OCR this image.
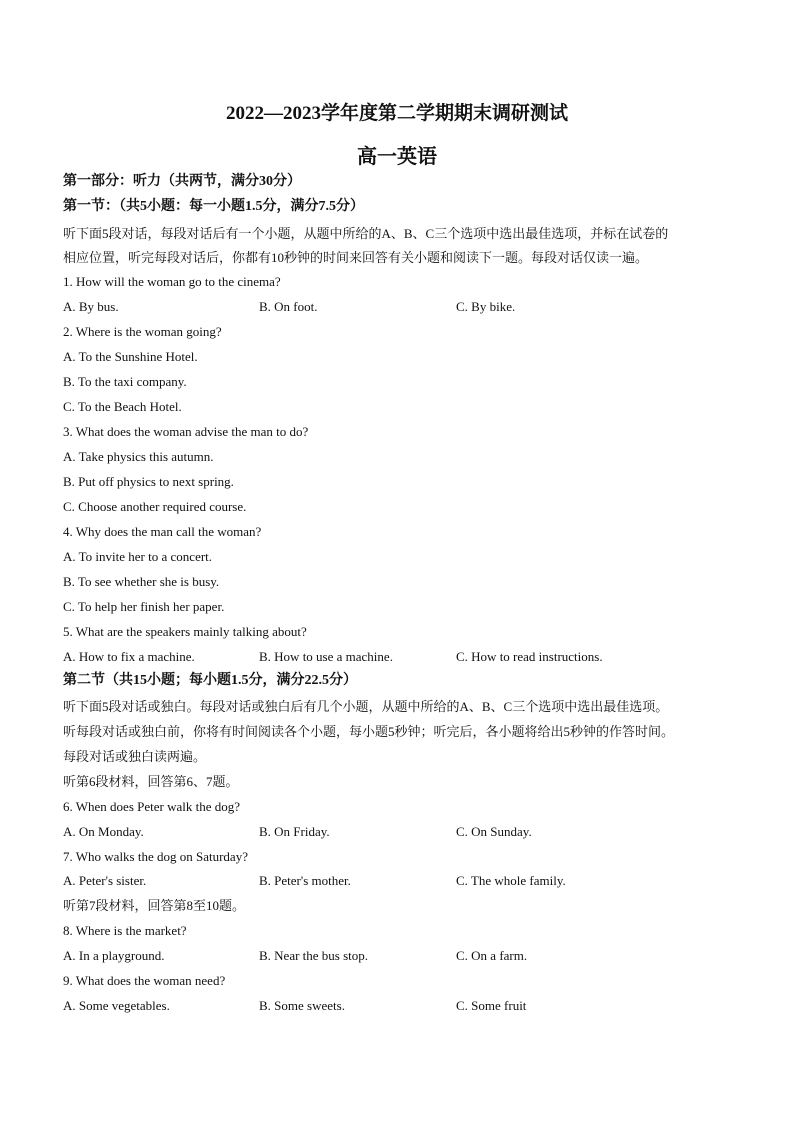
2022—2023学年度第二学期期末调研测试
高一英语
第一部分：听力（共两节，满分30分）
第一节：（共5小题：每一小题1.5分，满分7.5分）
听下面5段对话，每段对话后有一个小题，从题中所给的A、B、C三个选项中选出最佳选项，并标在试卷的
相应位置，听完每段对话后，你都有10秒钟的时间来回答有关小题和阅读下一题。每段对话仅读一遍。
1. How will the woman go to the cinema?
A. By bus.	B. On foot.	C. By bike.
2. Where is the woman going?
A. To the Sunshine Hotel.
B. To the taxi company.
C. To the Beach Hotel.
3. What does the woman advise the man to do?
A. Take physics this autumn.
B. Put off physics to next spring.
C. Choose another required course.
4. Why does the man call the woman?
A. To invite her to a concert.
B. To see whether she is busy.
C. To help her finish her paper.
5. What are the speakers mainly talking about?
A. How to fix a machine.	B. How to use a machine.	C. How to read instructions.
第二节（共15小题；每小题1.5分，满分22.5分）
听下面5段对话或独白。每段对话或独白后有几个小题，从题中所给的A、B、C三个选项中选出最佳选项。
听每段对话或独白前，你将有时间阅读各个小题，每小题5秒钟；听完后，各小题将给出5秒钟的作答时间。
每段对话或独白读两遍。
听第6段材料，回答第6、7题。
6. When does Peter walk the dog?
A. On Monday.	B. On Friday.	C. On Sunday.
7. Who walks the dog on Saturday?
A. Peter's sister.	B. Peter's mother.	C. The whole family.
听第7段材料，回答第8至10题。
8. Where is the market?
A. In a playground.	B. Near the bus stop.	C. On a farm.
9. What does the woman need?
A. Some vegetables.	B. Some sweets.	C. Some fruit
